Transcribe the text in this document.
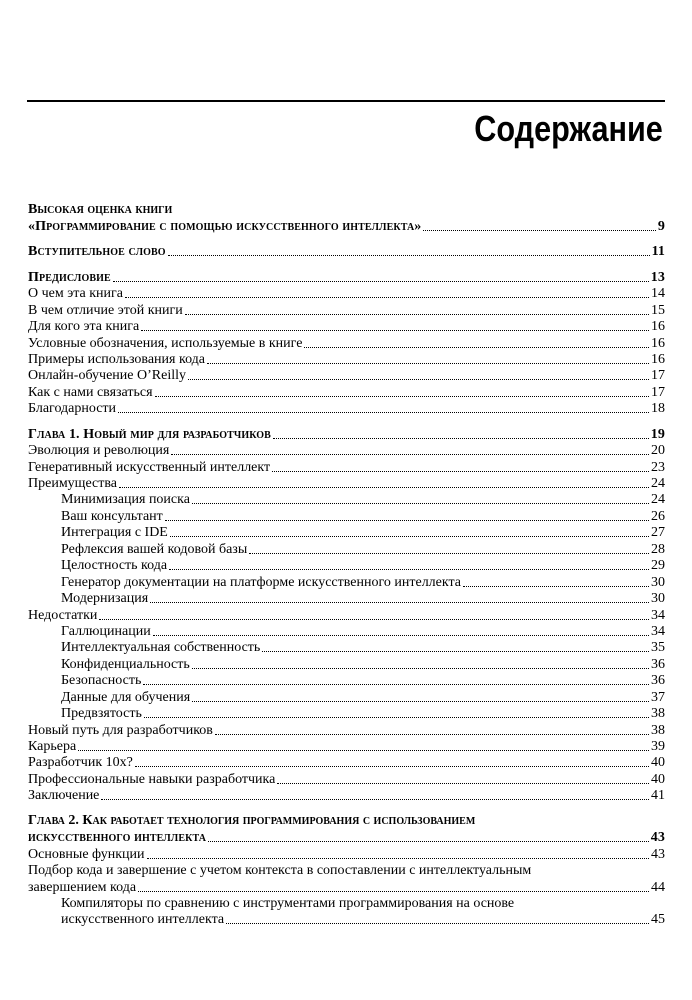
Содержание
Высокая оценка книги
«Программирование с помощью искусственного интеллекта»	9
Вступительное слово	11
Предисловие	13
О чем эта книга	14
В чем отличие этой книги	15
Для кого эта книга	16
Условные обозначения, используемые в книге	16
Примеры использования кода	16
Онлайн-обучение O’Reilly	17
Как с нами связаться	17
Благодарности	18
Глава 1. Новый мир для разработчиков	19
Эволюция и революция	20
Генеративный искусственный интеллект	23
Преимущества	24
Минимизация поиска	24
Ваш консультант	26
Интеграция с IDE	27
Рефлексия вашей кодовой базы	28
Целостность кода	29
Генератор документации на платформе искусственного интеллекта	30
Модернизация	30
Недостатки	34
Галлюцинации	34
Интеллектуальная собственность	35
Конфиденциальность	36
Безопасность	36
Данные для обучения	37
Предвзятость	38
Новый путь для разработчиков	38
Карьера	39
Разработчик 10x?	40
Профессиональные навыки разработчика	40
Заключение	41
Глава 2. Как работает технология программирования с использованием
искусственного интеллекта	43
Основные функции	43
Подбор кода и завершение с учетом контекста в сопоставлении с интеллектуальным
завершением кода	44
Компиляторы по сравнению с инструментами программирования на основе
искусственного интеллекта	45
